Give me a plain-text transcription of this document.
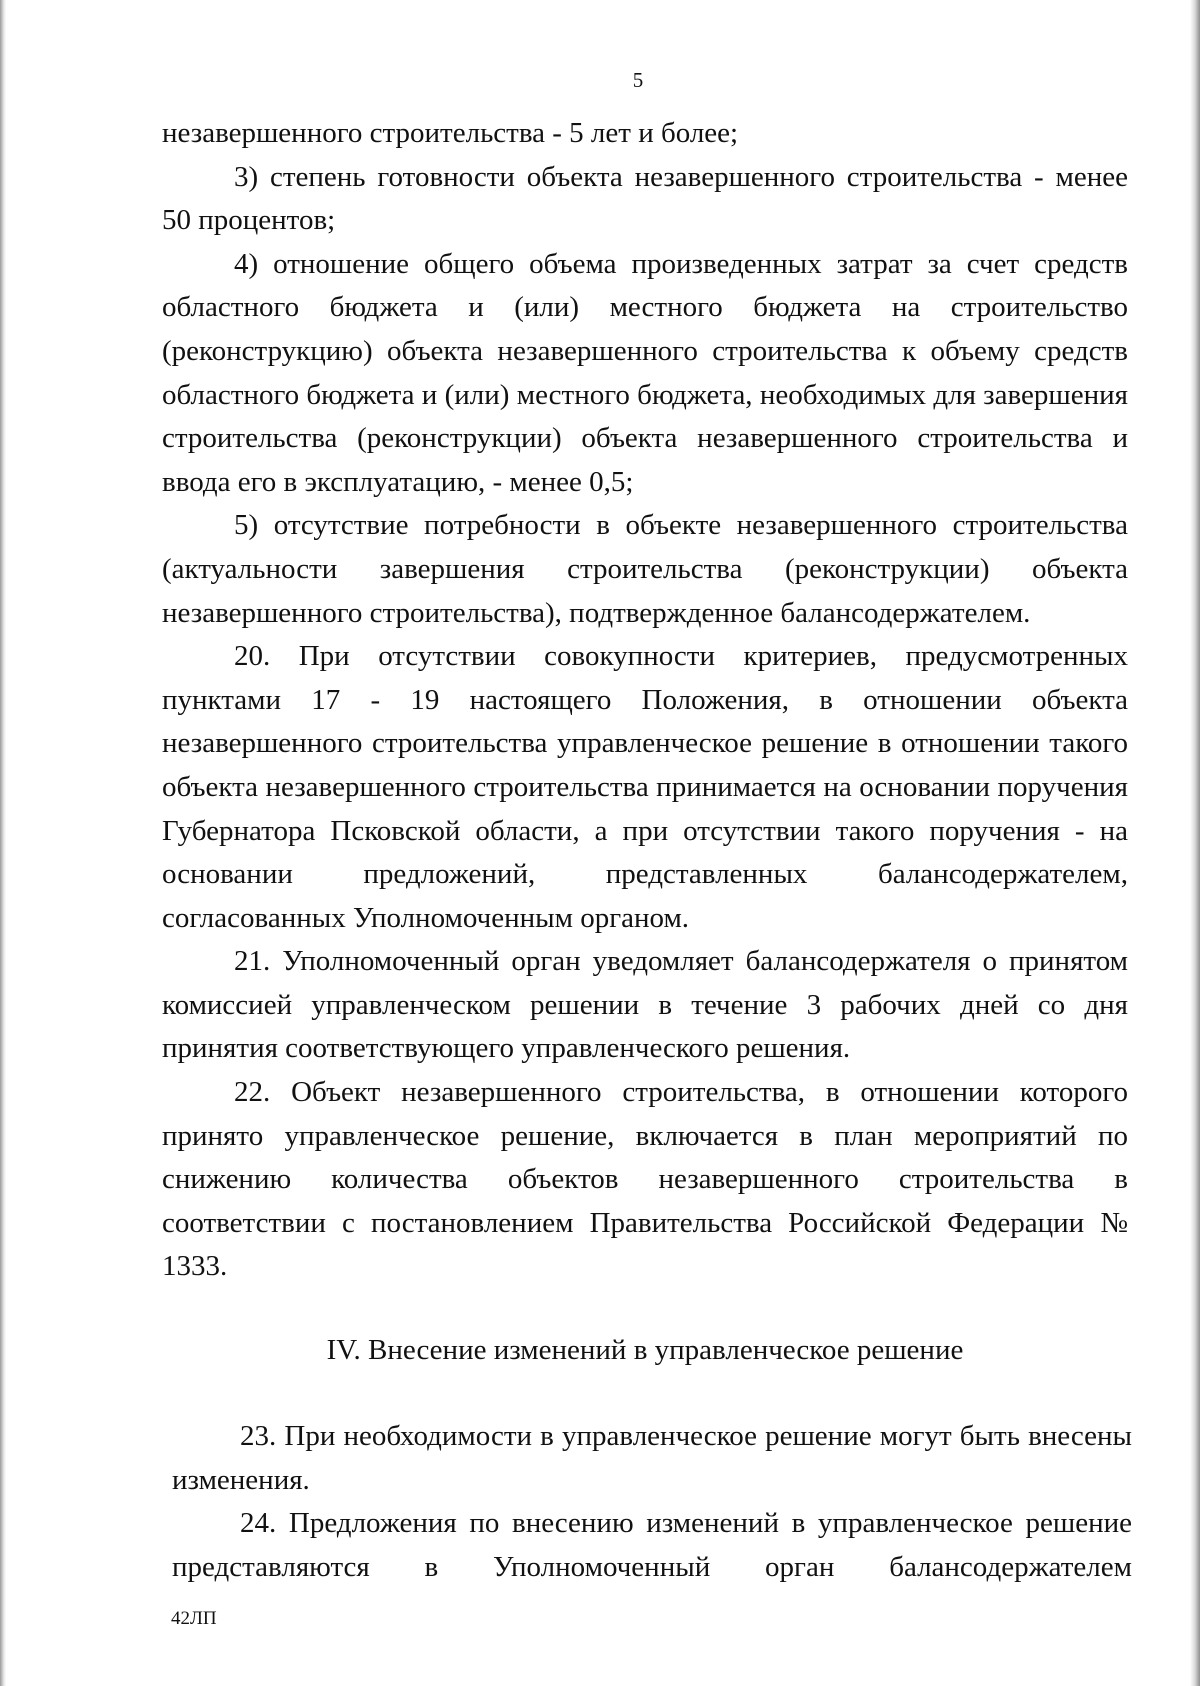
5

незавершенного строительства - 5 лет и более;

3) степень готовности объекта незавершенного строительства - менее 50 процентов;

4) отношение общего объема произведенных затрат за счет средств областного бюджета и (или) местного бюджета на строительство (реконструкцию) объекта незавершенного строительства к объему средств областного бюджета и (или) местного бюджета, необходимых для завершения строительства (реконструкции) объекта незавершенного строительства и ввода его в эксплуатацию, - менее 0,5;

5) отсутствие потребности в объекте незавершенного строительства (актуальности завершения строительства (реконструкции) объекта незавершенного строительства), подтвержденное балансодержателем.

20. При отсутствии совокупности критериев, предусмотренных пунктами 17 - 19 настоящего Положения, в отношении объекта незавершенного строительства управленческое решение в отношении такого объекта незавершенного строительства принимается на основании поручения Губернатора Псковской области, а при отсутствии такого поручения - на основании предложений, представленных балансодержателем, согласованных Уполномоченным органом.

21. Уполномоченный орган уведомляет балансодержателя о принятом комиссией управленческом решении в течение 3 рабочих дней со дня принятия соответствующего управленческого решения.

22. Объект незавершенного строительства, в отношении которого принято управленческое решение, включается в план мероприятий по снижению количества объектов незавершенного строительства в соответствии с постановлением Правительства Российской Федерации № 1333.

IV. Внесение изменений в управленческое решение

23. При необходимости в управленческое решение могут быть внесены изменения.

24. Предложения по внесению изменений в управленческое решение представляются в Уполномоченный орган балансодержателем

42ЛП
